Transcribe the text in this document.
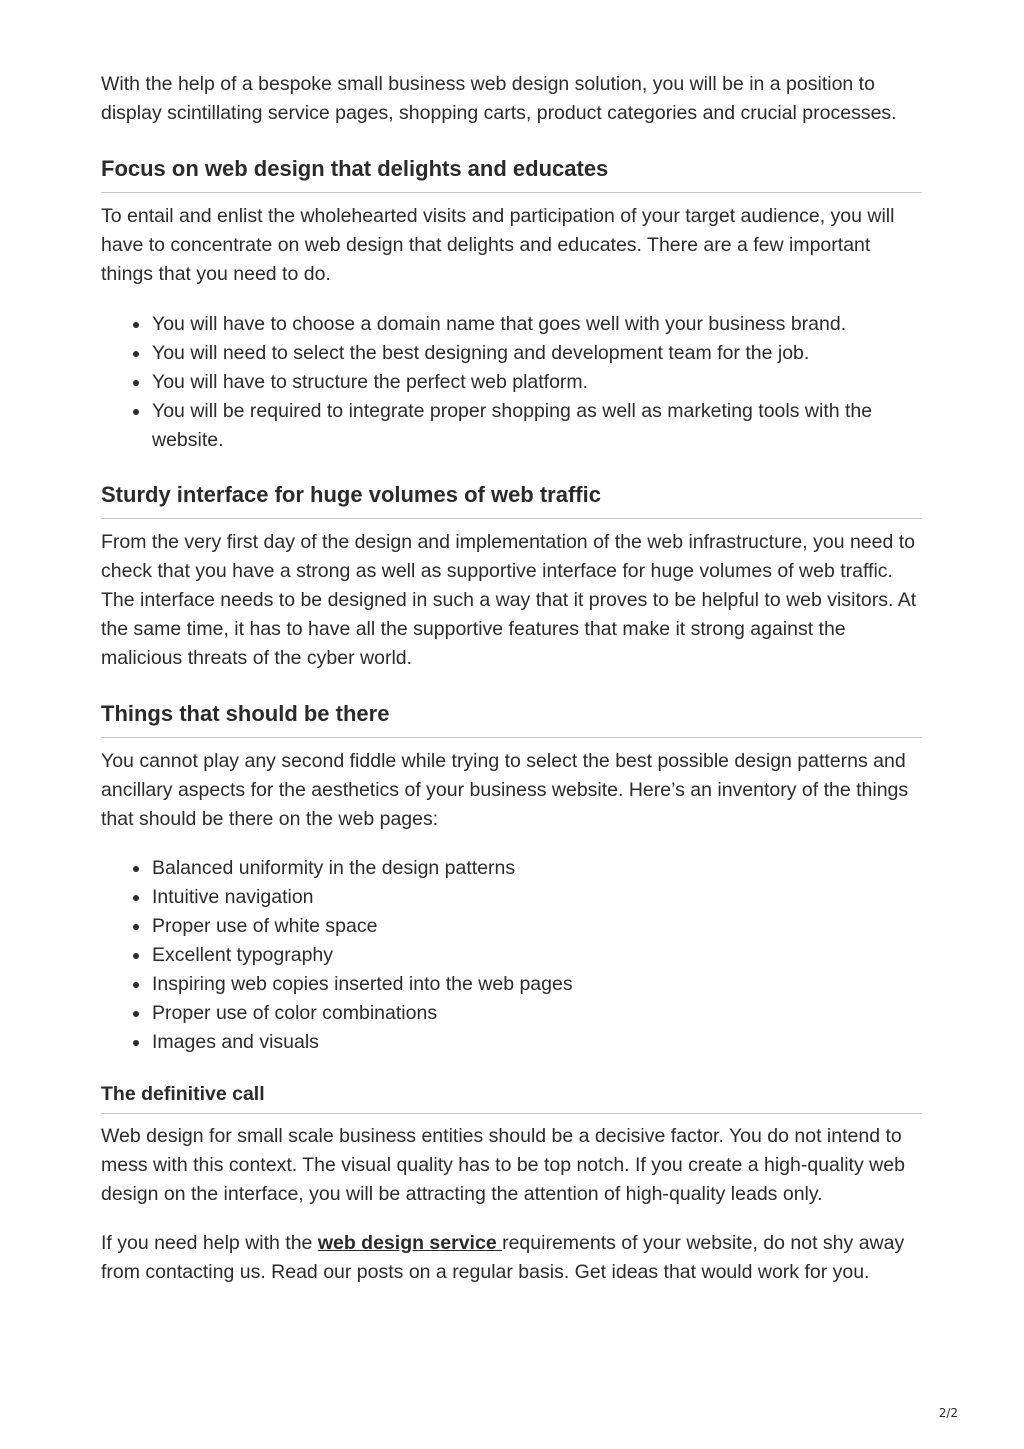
With the help of a bespoke small business web design solution, you will be in a position to display scintillating service pages, shopping carts, product categories and crucial processes.

Focus on web design that delights and educates

To entail and enlist the wholehearted visits and participation of your target audience, you will have to concentrate on web design that delights and educates. There are a few important things that you need to do.

You will have to choose a domain name that goes well with your business brand.
You will need to select the best designing and development team for the job.
You will have to structure the perfect web platform.
You will be required to integrate proper shopping as well as marketing tools with the website.
Sturdy interface for huge volumes of web traffic

From the very first day of the design and implementation of the web infrastructure, you need to check that you have a strong as well as supportive interface for huge volumes of web traffic. The interface needs to be designed in such a way that it proves to be helpful to web visitors. At the same time, it has to have all the supportive features that make it strong against the malicious threats of the cyber world.

Things that should be there

You cannot play any second fiddle while trying to select the best possible design patterns and ancillary aspects for the aesthetics of your business website. Here’s an inventory of the things that should be there on the web pages:

Balanced uniformity in the design patterns
Intuitive navigation
Proper use of white space
Excellent typography
Inspiring web copies inserted into the web pages
Proper use of color combinations
Images and visuals
The definitive call

Web design for small scale business entities should be a decisive factor. You do not intend to mess with this context. The visual quality has to be top notch. If you create a high-quality web design on the interface, you will be attracting the attention of high-quality leads only.

If you need help with the web design service requirements of your website, do not shy away from contacting us. Read our posts on a regular basis. Get ideas that would work for you.

2/2
